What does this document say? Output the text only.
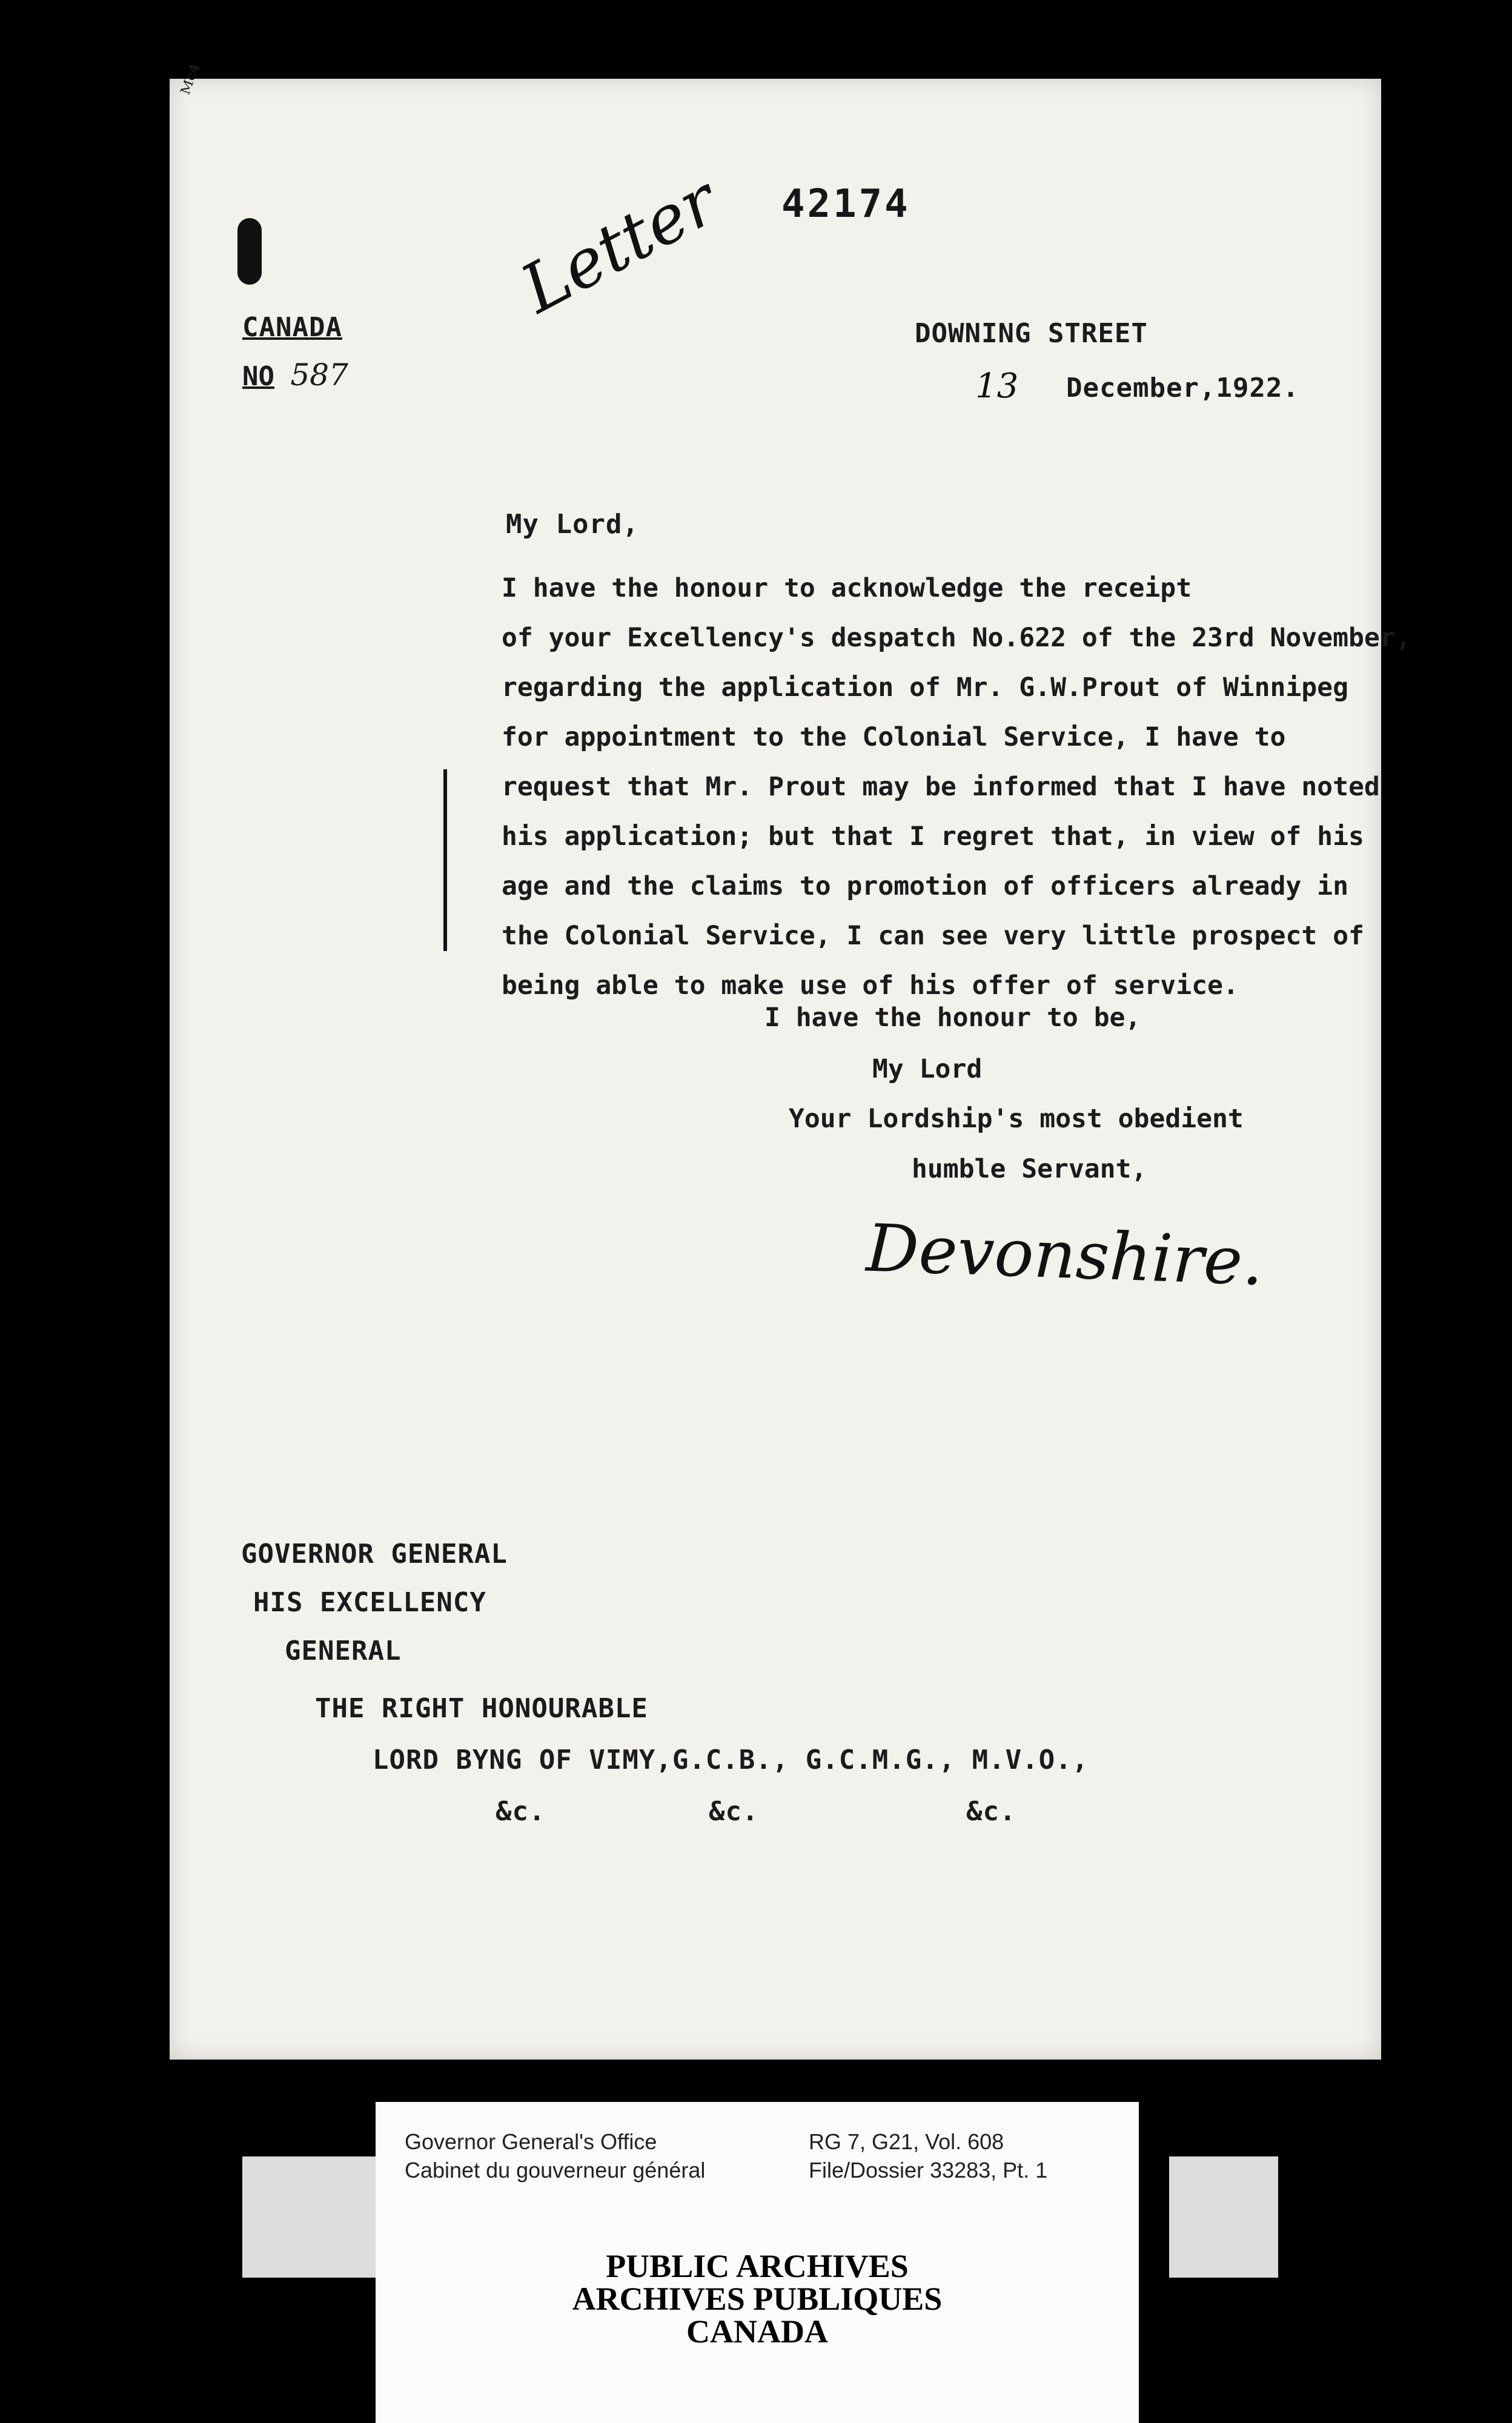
ᴹᶜ⁴
42174
Letter
CANADA
NO 587
DOWNING STREET
13 December,1922.
My Lord,

I have the honour to acknowledge the receipt

of your Excellency's despatch No.622 of the 23rd November,

regarding the application of Mr. G.W.Prout of Winnipeg

for appointment to the Colonial Service, I have to

request that Mr. Prout may be informed that I have noted

his application; but that I regret that, in view of his

age and the claims to promotion of officers already in

the Colonial Service, I can see very little prospect of

being able to make use of his offer of service.

I have the honour to be,
My Lord
Your Lordship's most obedient
humble Servant,
Devonshire.
GOVERNOR GENERAL
HIS EXCELLENCY
GENERAL
THE RIGHT HONOURABLE
LORD BYNG OF VIMY,G.C.B., G.C.M.G., M.V.O.,
&c.	&c.	&c.
Governor General's Office
Cabinet du gouverneur général
RG 7, G21, Vol. 608
File/Dossier 33283, Pt. 1
PUBLIC ARCHIVES
ARCHIVES PUBLIQUES
CANADA
